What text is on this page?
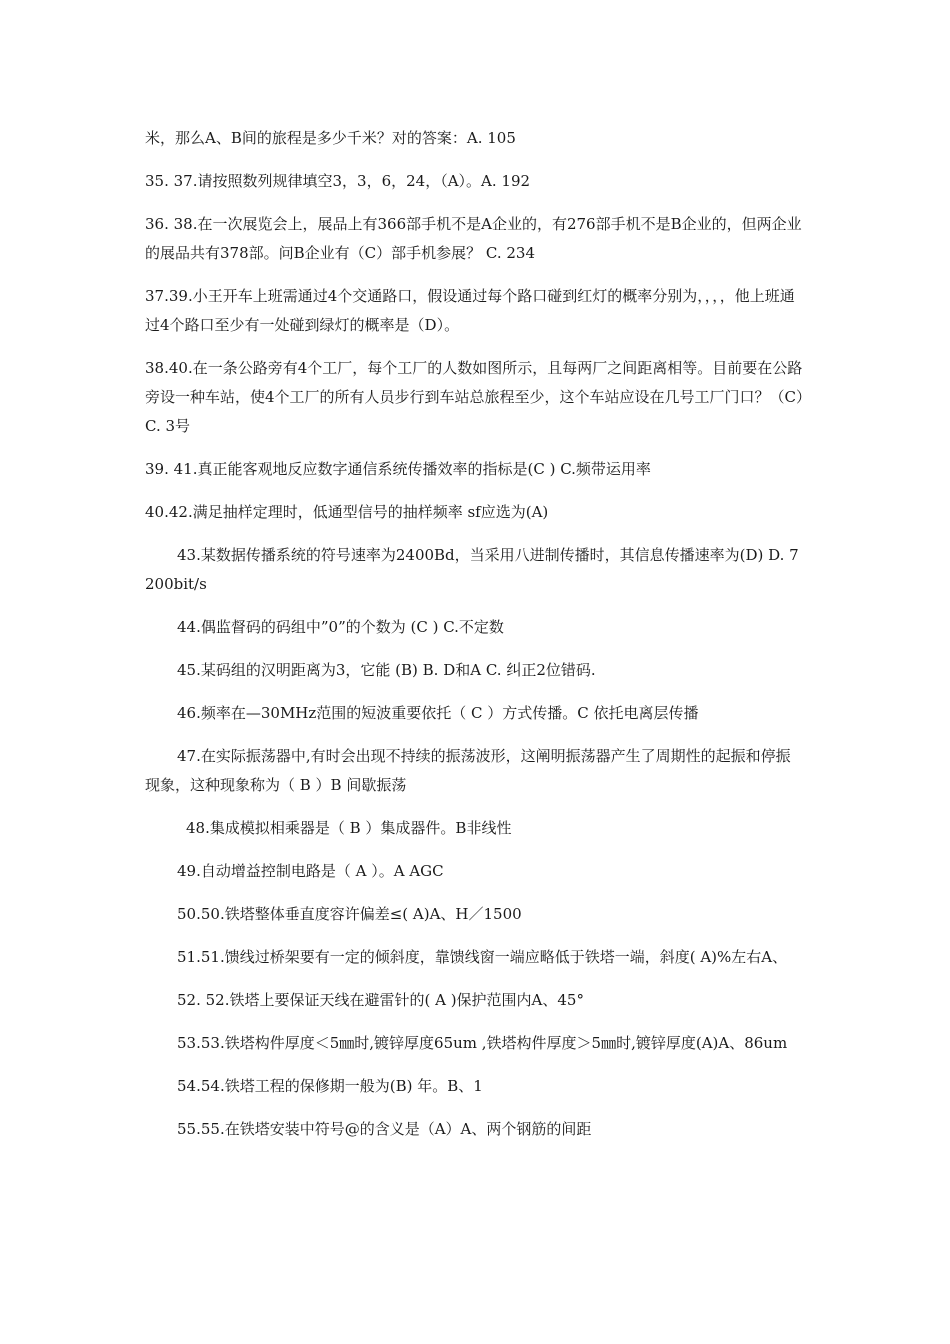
米，那么A、B间的旅程是多少千米？对的答案：A. 105

35. 37.请按照数列规律填空3，3，6，24，（A）。A. 192

36. 38.在一次展览会上，展品上有366部手机不是A企业的，有276部手机不是B企业的，但两企业的展品共有378部。问B企业有（C）部手机参展？ C. 234

37.39.小王开车上班需通过4个交通路口，假设通过每个路口碰到红灯的概率分别为，，，，他上班通过4个路口至少有一处碰到绿灯的概率是（D）。

38.40.在一条公路旁有4个工厂，每个工厂的人数如图所示，且每两厂之间距离相等。目前要在公路旁设一种车站，使4个工厂的所有人员步行到车站总旅程至少，这个车站应设在几号工厂门口？（C）C. 3号

39. 41.真正能客观地反应数字通信系统传播效率的指标是(C ) C.频带运用率

40.42.满足抽样定理时，低通型信号的抽样频率 sf应选为(A)

43.某数据传播系统的符号速率为2400Bd，当采用八进制传播时，其信息传播速率为(D) D. 7200bit/s

44.偶监督码的码组中”0”的个数为 (C ) C.不定数

45.某码组的汉明距离为3，它能 (B) B. D和A C. 纠正2位错码.

46.频率在—30MHz范围的短波重要依托（ C ）方式传播。C 依托电离层传播

47.在实际振荡器中,有时会出现不持续的振荡波形，这阐明振荡器产生了周期性的起振和停振现象，这种现象称为（ B ）B 间歇振荡

48.集成模拟相乘器是（ B ）集成器件。B非线性

49.自动增益控制电路是（ A ）。A AGC

50.50.铁塔整体垂直度容许偏差≤( A)A、H／1500

51.51.馈线过桥架要有一定的倾斜度，靠馈线窗一端应略低于铁塔一端，斜度( A)%左右A、

52. 52.铁塔上要保证天线在避雷针的( A )保护范围内A、45°

53.53.铁塔构件厚度＜5㎜时,镀锌厚度65um ,铁塔构件厚度＞5㎜时,镀锌厚度(A)A、86um

54.54.铁塔工程的保修期一般为(B) 年。B、1

55.55.在铁塔安装中符号@的含义是（A）A、两个钢筋的间距
